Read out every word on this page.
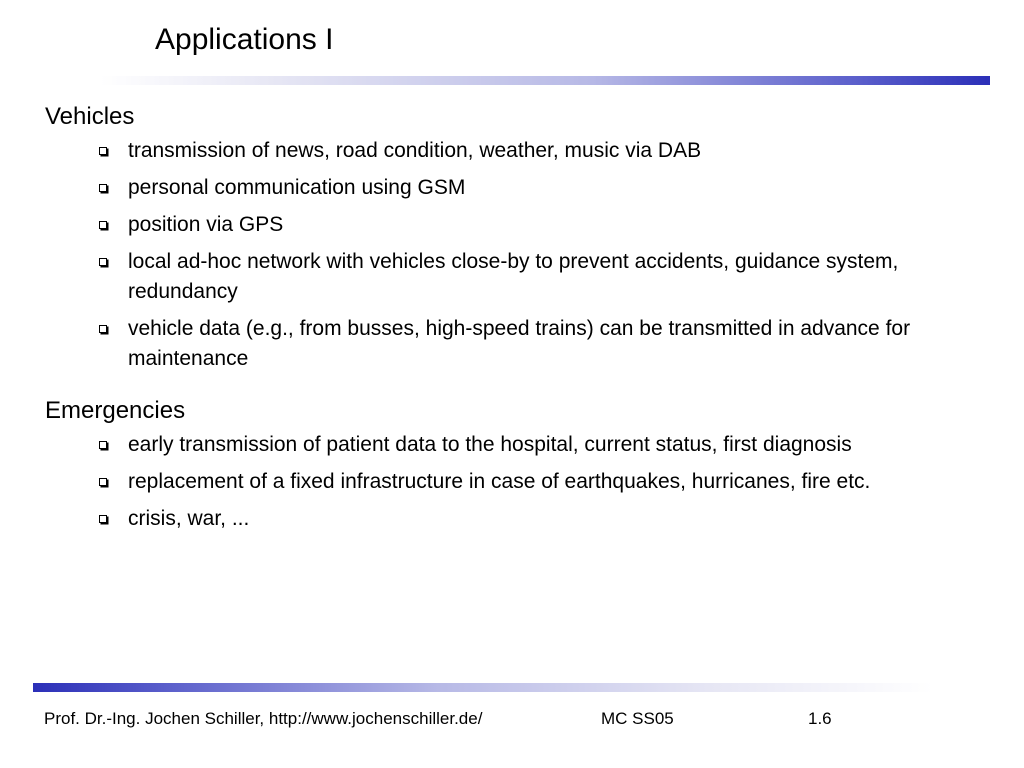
Applications I
Vehicles
transmission of news, road condition, weather, music via DAB
personal communication using GSM
position via GPS
local ad-hoc network with vehicles close-by to prevent accidents, guidance system, redundancy
vehicle data (e.g., from busses, high-speed trains) can be transmitted in advance for maintenance
Emergencies
early transmission of patient data to the hospital, current status, first diagnosis
replacement of a fixed infrastructure in case of earthquakes, hurricanes, fire etc.
crisis, war, ...
Prof. Dr.-Ing. Jochen Schiller, http://www.jochenschiller.de/	MC SS05	1.6
